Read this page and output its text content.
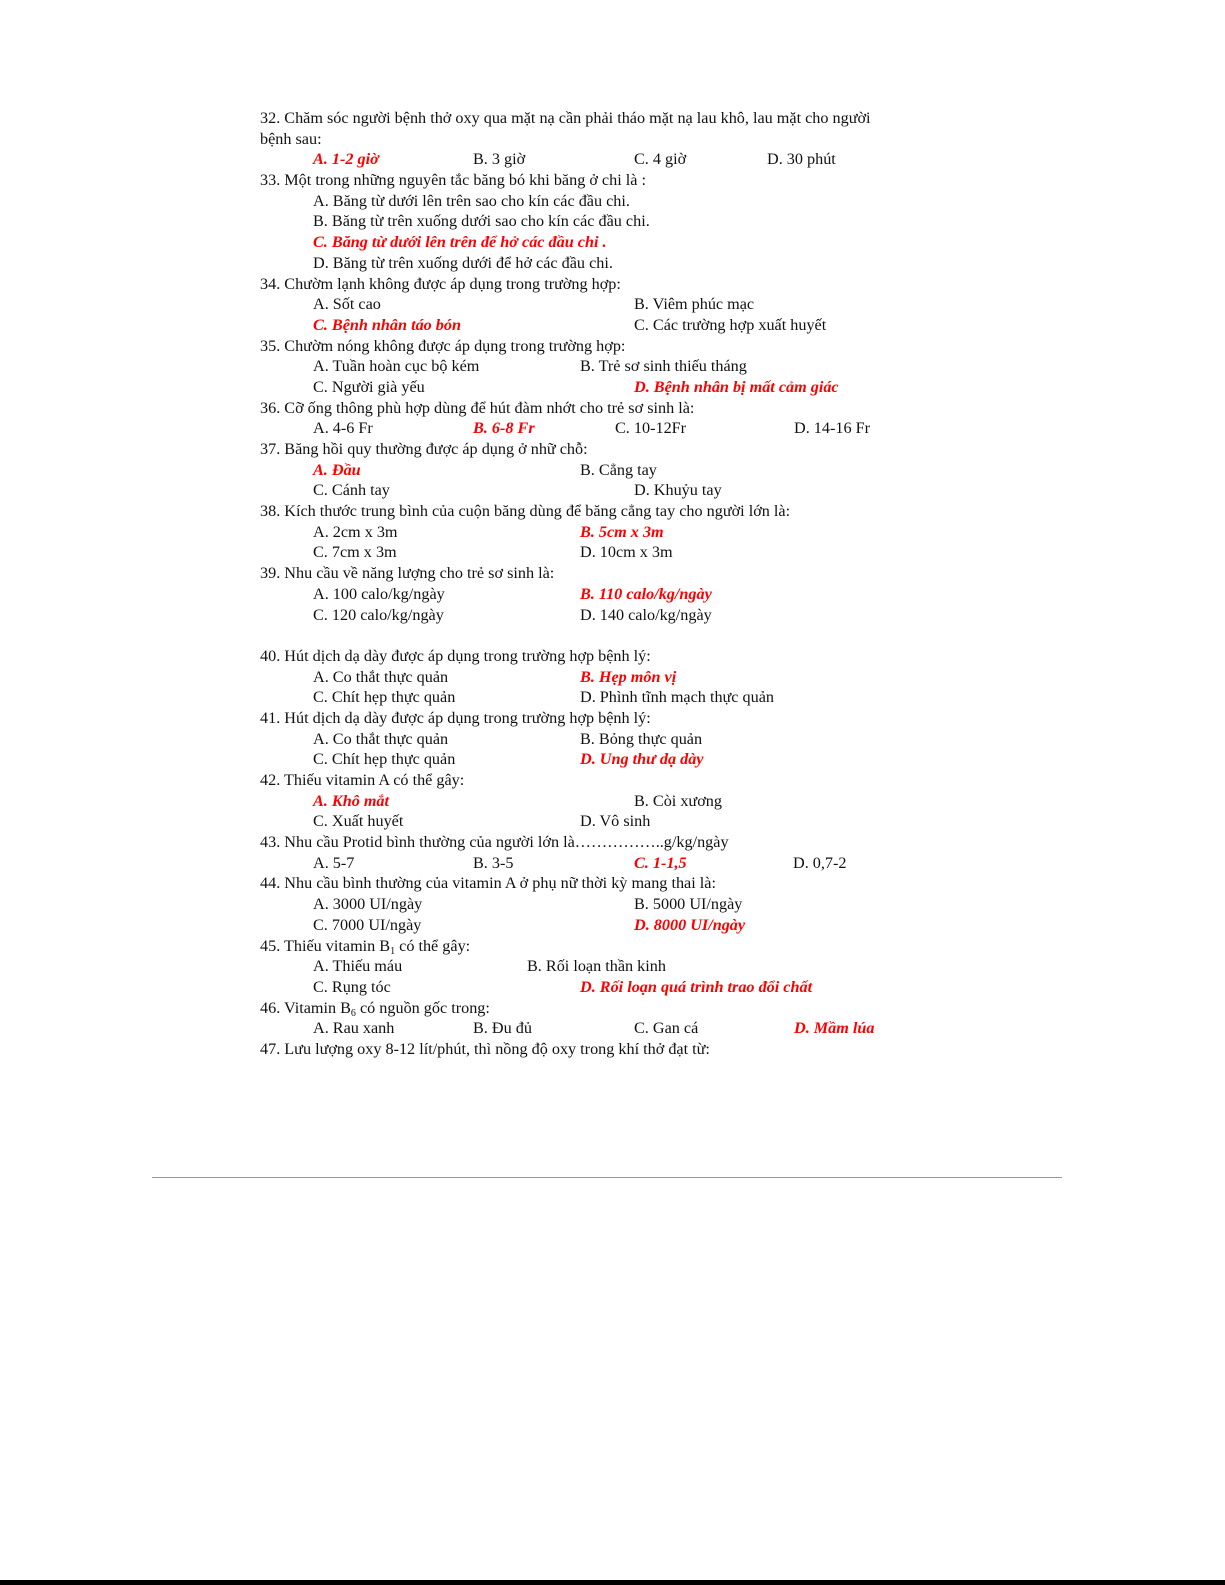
32. Chăm sóc người bệnh thở oxy qua mặt nạ cần phải tháo mặt nạ lau khô, lau mặt cho người
bệnh sau:
A. 1-2 giờ	B. 3 giờ	C. 4 giờ	D. 30 phút
33. Một trong những nguyên tắc băng bó khi băng ở chi là :
A. Băng từ dưới lên trên sao cho kín các đầu chi.
B. Băng từ trên xuống dưới sao cho kín các đầu chi.
C. Băng từ dưới lên trên để hở các đầu chi .
D. Băng từ trên xuống dưới để hở các đầu chi.
34. Chườm lạnh không được áp dụng trong trường hợp:
A. Sốt cao	B. Viêm phúc mạc
C. Bệnh nhân táo bón	C. Các trường hợp xuất huyết
35. Chườm nóng không được áp dụng trong trường hợp:
A. Tuần hoàn cục bộ kém	B. Trẻ sơ sinh thiếu tháng
C. Người già yếu	D. Bệnh nhân bị mất cảm giác
36. Cỡ ống thông phù hợp dùng để hút đàm nhớt cho trẻ sơ sinh là:
A. 4-6 Fr	B. 6-8 Fr	C. 10-12Fr	D. 14-16 Fr
37. Băng hồi quy thường được áp dụng ở nhữ chỗ:
A. Đầu	B. Cẳng tay
C. Cánh tay	D. Khuỷu tay
38. Kích thước trung bình của cuộn băng dùng để băng cẳng tay cho người lớn là:
A. 2cm x 3m	B. 5cm x 3m
C. 7cm x 3m	D. 10cm x 3m
39. Nhu cầu về năng lượng cho trẻ sơ sinh là:
A. 100 calo/kg/ngày	B. 110 calo/kg/ngày
C. 120 calo/kg/ngày	D. 140 calo/kg/ngày
40. Hút dịch dạ dày được áp dụng trong trường hợp bệnh lý:
A. Co thắt thực quản	B. Hẹp môn vị
C. Chít hẹp thực quản	D. Phình tĩnh mạch thực quản
41. Hút dịch dạ dày được áp dụng trong trường hợp bệnh lý:
A. Co thắt thực quản	B. Bỏng thực quản
C. Chít hẹp thực quản	D. Ung thư dạ dày
42. Thiếu vitamin A có thể gây:
A. Khô mắt	B. Còi xương
C. Xuất huyết	D. Vô sinh
43. Nhu cầu Protid bình thường của người lớn là……………..g/kg/ngày
A. 5-7	B. 3-5	C. 1-1,5	D. 0,7-2
44. Nhu cầu bình thường của vitamin A ở phụ nữ thời kỳ mang thai là:
A. 3000 UI/ngày	B. 5000 UI/ngày
C. 7000 UI/ngày	D. 8000 UI/ngày
45. Thiếu vitamin B1 có thể gây:
A. Thiếu máu	B. Rối loạn thần kinh
C. Rụng tóc	D. Rối loạn quá trình trao đổi chất
46. Vitamin B6 có nguồn gốc trong:
A. Rau xanh	B. Đu đủ	C. Gan cá	D. Mầm lúa
47. Lưu lượng oxy 8-12 lít/phút, thì nồng độ oxy trong khí thở đạt từ:
